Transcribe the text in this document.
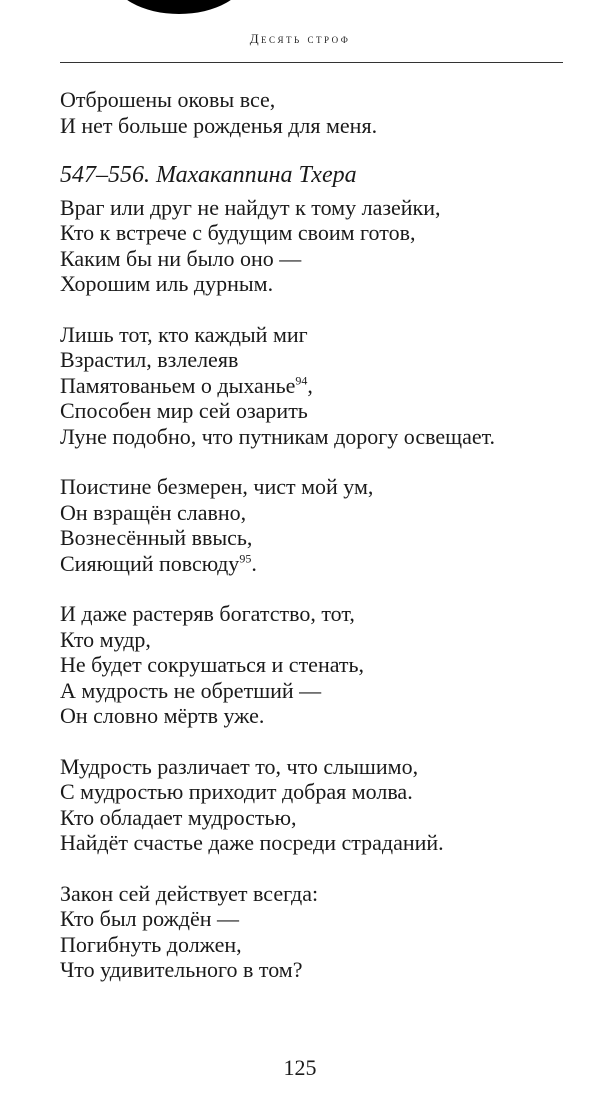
Десять строф
Отброшены оковы все,
И нет больше рожденья для меня.
547–556. Махакаппина Тхера
Враг или друг не найдут к тому лазейки,
Кто к встрече с будущим своим готов,
Каким бы ни было оно —
Хорошим иль дурным.
Лишь тот, кто каждый миг
Взрастил, взлелеяв
Памятованьем о дыханье$^{94}$,
Способен мир сей озарить
Луне подобно, что путникам дорогу освещает.
Поистине безмерен, чист мой ум,
Он взращён славно,
Вознесённый ввысь,
Сияющий повсюду$^{95}$.
И даже растеряв богатство, тот,
Кто мудр,
Не будет сокрушаться и стенать,
А мудрость не обретший —
Он словно мёртв уже.
Мудрость различает то, что слышимо,
С мудростью приходит добрая молва.
Кто обладает мудростью,
Найдёт счастье даже посреди страданий.
Закон сей действует всегда:
Кто был рождён —
Погибнуть должен,
Что удивительного в том?
125
